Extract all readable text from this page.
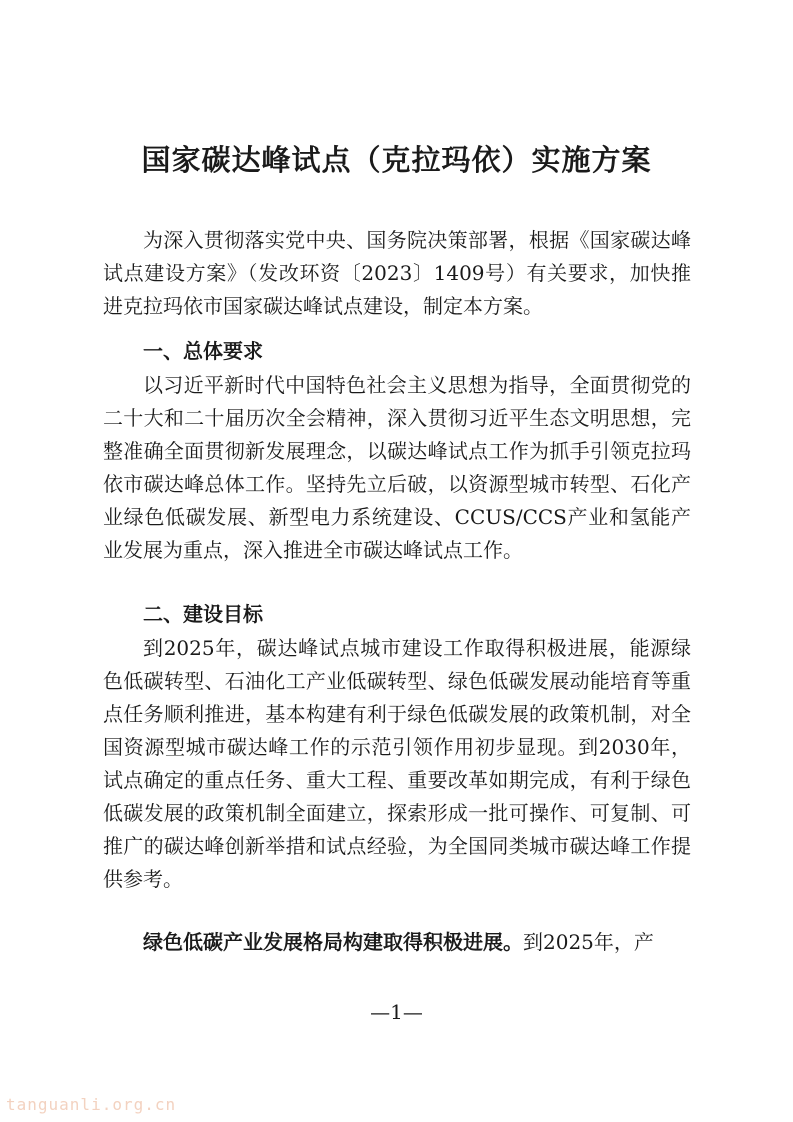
国家碳达峰试点（克拉玛依）实施方案
为深入贯彻落实党中央、国务院决策部署，根据《国家碳达峰试点建设方案》（发改环资〔2023〕1409号）有关要求，加快推进克拉玛依市国家碳达峰试点建设，制定本方案。
一、总体要求
以习近平新时代中国特色社会主义思想为指导，全面贯彻党的二十大和二十届历次全会精神，深入贯彻习近平生态文明思想，完整准确全面贯彻新发展理念，以碳达峰试点工作为抓手引领克拉玛依市碳达峰总体工作。坚持先立后破，以资源型城市转型、石化产业绿色低碳发展、新型电力系统建设、CCUS/CCS产业和氢能产业发展为重点，深入推进全市碳达峰试点工作。
二、建设目标
到2025年，碳达峰试点城市建设工作取得积极进展，能源绿色低碳转型、石油化工产业低碳转型、绿色低碳发展动能培育等重点任务顺利推进，基本构建有利于绿色低碳发展的政策机制，对全国资源型城市碳达峰工作的示范引领作用初步显现。到2030年，试点确定的重点任务、重大工程、重要改革如期完成，有利于绿色低碳发展的政策机制全面建立，探索形成一批可操作、可复制、可推广的碳达峰创新举措和试点经验，为全国同类城市碳达峰工作提供参考。
绿色低碳产业发展格局构建取得积极进展。到2025年，产
—1—
tanguanli.org.cn
